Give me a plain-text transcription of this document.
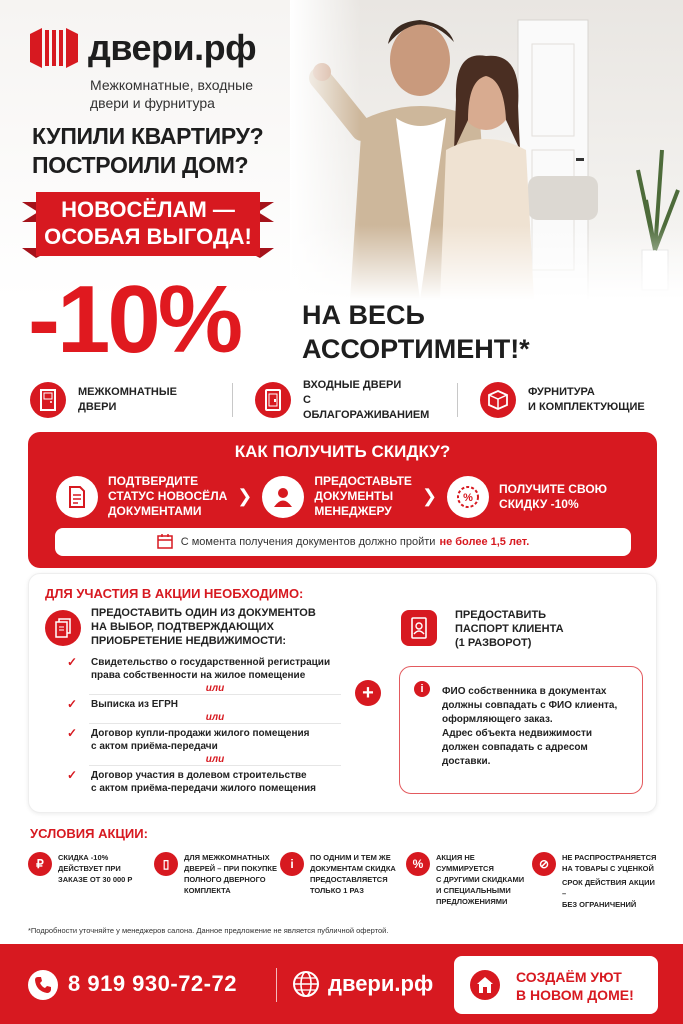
двери.рф
Межкомнатные, входные
двери и фурнитура
КУПИЛИ КВАРТИРУ?
ПОСТРОИЛИ ДОМ?
НОВОСЁЛАМ —
ОСОБАЯ ВЫГОДА!
-10% НА ВЕСЬ
АССОРТИМЕНТ!*
МЕЖКОМНАТНЫЕ
ДВЕРИ
ВХОДНЫЕ ДВЕРИ
С ОБЛАГОРАЖИВАНИЕМ
ФУРНИТУРА
И КОМПЛЕКТУЮЩИЕ
КАК ПОЛУЧИТЬ СКИДКУ?
ПОДТВЕРДИТЕ
СТАТУС НОВОСЁЛА
ДОКУМЕНТАМИ
❯
ПРЕДОСТАВЬТЕ
ДОКУМЕНТЫ
МЕНЕДЖЕРУ
❯ %
ПОЛУЧИТЕ СВОЮ
СКИДКУ -10%
С момента получения документов должно пройти не более 1,5 лет.
ДЛЯ УЧАСТИЯ В АКЦИИ НЕОБХОДИМО:
ПРЕДОСТАВИТЬ ОДИН ИЗ ДОКУМЕНТОВ
НА ВЫБОР, ПОДТВЕРЖДАЮЩИХ
ПРИОБРЕТЕНИЕ НЕДВИЖИМОСТИ:
✓	Свидетельство о государственной регистрации
права собственности на жилое помещение
или
✓	Выписка из ЕГРН
или
✓	Договор купли-продажи жилого помещения
с актом приёма-передачи
или
✓	Договор участия в долевом строительстве
с актом приёма-передачи жилого помещения
+
ПРЕДОСТАВИТЬ
ПАСПОРТ КЛИЕНТА
(1 РАЗВОРОТ)
i	ФИО собственника в документах
должны совпадать с ФИО клиента,
оформляющего заказ.
Адрес объекта недвижимости
должен совпадать с адресом
доставки.
УСЛОВИЯ АКЦИИ:
₽	СКИДКА -10%
ДЕЙСТВУЕТ ПРИ
ЗАКАЗЕ ОТ 30 000 Р
▯	ДЛЯ МЕЖКОМНАТНЫХ
ДВЕРЕЙ – ПРИ ПОКУПКЕ
ПОЛНОГО ДВЕРНОГО
КОМПЛЕКТА
i	ПО ОДНИМ И ТЕМ ЖЕ
ДОКУМЕНТАМ СКИДКА
ПРЕДОСТАВЛЯЕТСЯ
ТОЛЬКО 1 РАЗ
%	АКЦИЯ НЕ СУММИРУЕТСЯ
С ДРУГИМИ СКИДКАМИ
И СПЕЦИАЛЬНЫМИ
ПРЕДЛОЖЕНИЯМИ
⊘	НЕ РАСПРОСТРАНЯЕТСЯ
НА ТОВАРЫ С УЦЕНКОЙ
СРОК ДЕЙСТВИЯ АКЦИИ –
БЕЗ ОГРАНИЧЕНИЙ
*Подробности уточняйте у менеджеров салона. Данное предложение не является публичной офертой.
8 919 930-72-72	двери.рф	СОЗДАЁМ УЮТ
В НОВОМ ДОМЕ!
